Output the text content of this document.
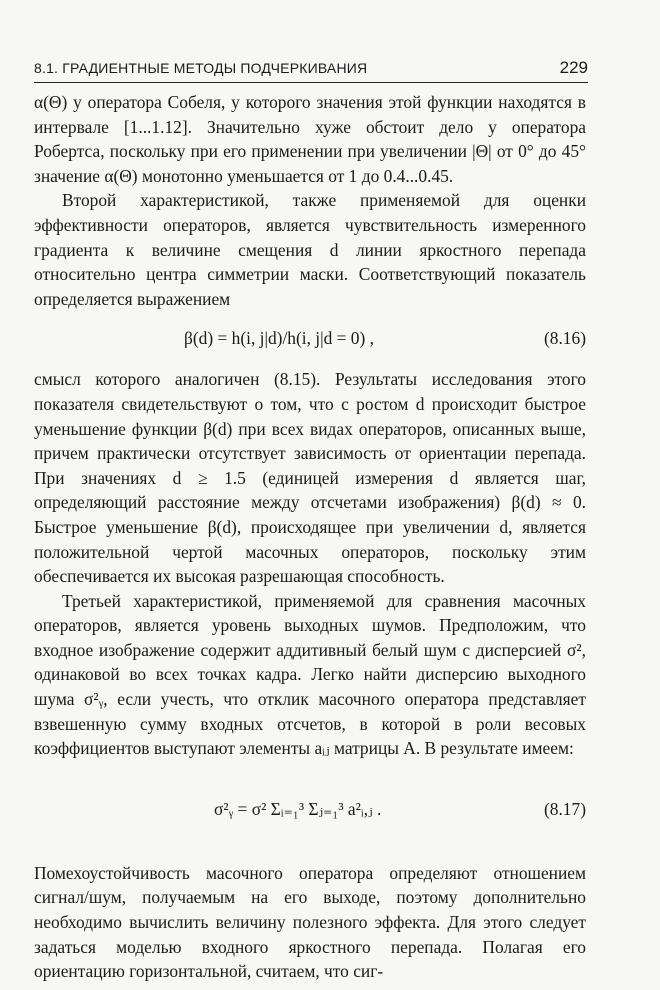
8.1. ГРАДИЕНТНЫЕ МЕТОДЫ ПОДЧЕРКИВАНИЯ	229

α(Θ) у оператора Собеля, у которого значения этой функции находятся в интервале [1...1.12]. Значительно хуже обстоит дело у оператора Робертса, поскольку при его применении при увеличении |Θ| от 0° до 45° значение α(Θ) монотонно уменьшается от 1 до 0.4...0.45.

Второй характеристикой, также применяемой для оценки эффективности операторов, является чувствительность измеренного градиента к величине смещения d линии яркостного перепада относительно центра симметрии маски. Соответствующий показатель определяется выражением

β(d) = h(i, j|d)/h(i, j|d = 0) ,	(8.16)

смысл которого аналогичен (8.15). Результаты исследования этого показателя свидетельствуют о том, что с ростом d происходит быстрое уменьшение функции β(d) при всех видах операторов, описанных выше, причем практически отсутствует зависимость от ориентации перепада. При значениях d ≥ 1.5 (единицей измерения d является шаг, определяющий расстояние между отсчетами изображения) β(d) ≈ 0. Быстрое уменьшение β(d), происходящее при увеличении d, является положительной чертой масочных операторов, поскольку этим обеспечивается их высокая разрешающая способность.

Третьей характеристикой, применяемой для сравнения масочных операторов, является уровень выходных шумов. Предположим, что входное изображение содержит аддитивный белый шум с дисперсией σ², одинаковой во всех точках кадра. Легко найти дисперсию выходного шума σ²ᵧ, если учесть, что отклик масочного оператора представляет взвешенную сумму входных отсчетов, в которой в роли весовых коэффициентов выступают элементы aᵢⱼ матрицы A. В результате имеем:

σ²ᵧ = σ² Σᵢ₌₁³ Σⱼ₌₁³ a²ᵢ,ⱼ .	(8.17)

Помехоустойчивость масочного оператора определяют отношением сигнал/шум, получаемым на его выходе, поэтому дополнительно необходимо вычислить величину полезного эффекта. Для этого следует задаться моделью входного яркостного перепада. Полагая его ориентацию горизонтальной, считаем, что сиг-
